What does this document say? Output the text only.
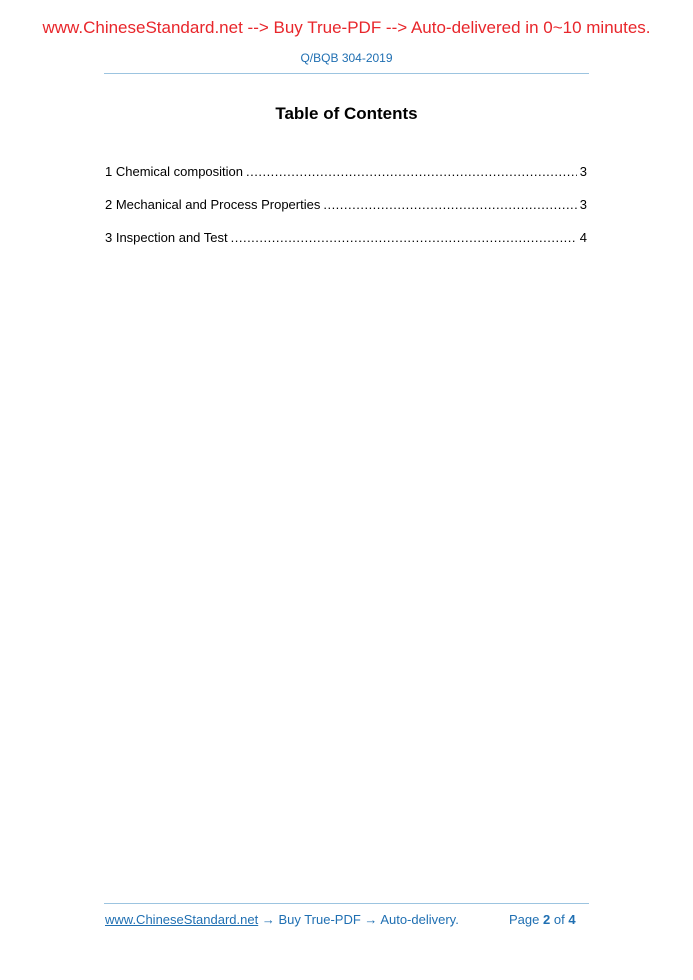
www.ChineseStandard.net --> Buy True-PDF --> Auto-delivered in 0~10 minutes.
Q/BQB 304-2019
Table of Contents
1 Chemical composition .....	3
2 Mechanical and Process Properties .....	3
3 Inspection and Test .....	4
www.ChineseStandard.net → Buy True-PDF → Auto-delivery.	Page 2 of 4
